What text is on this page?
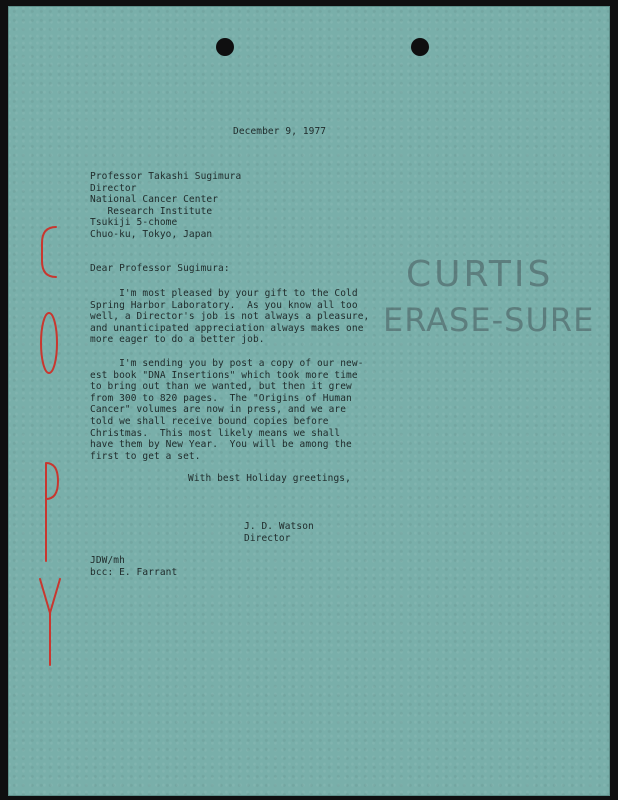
CURTIS
ERASE-SURE
December 9, 1977
Professor Takashi Sugimura
Director
National Cancer Center
Research Institute
Tsukiji 5-chome
Chuo-ku, Tokyo, Japan
Dear Professor Sugimura:
I'm most pleased by your gift to the Cold
Spring Harbor Laboratory.  As you know all too
well, a Director's job is not always a pleasure,
and unanticipated appreciation always makes one
more eager to do a better job.
I'm sending you by post a copy of our new-
est book "DNA Insertions" which took more time
to bring out than we wanted, but then it grew
from 300 to 820 pages.  The "Origins of Human
Cancer" volumes are now in press, and we are
told we shall receive bound copies before
Christmas.  This most likely means we shall
have them by New Year.  You will be among the
first to get a set.
With best Holiday greetings,
J. D. Watson
Director
JDW/mh
bcc: E. Farrant
